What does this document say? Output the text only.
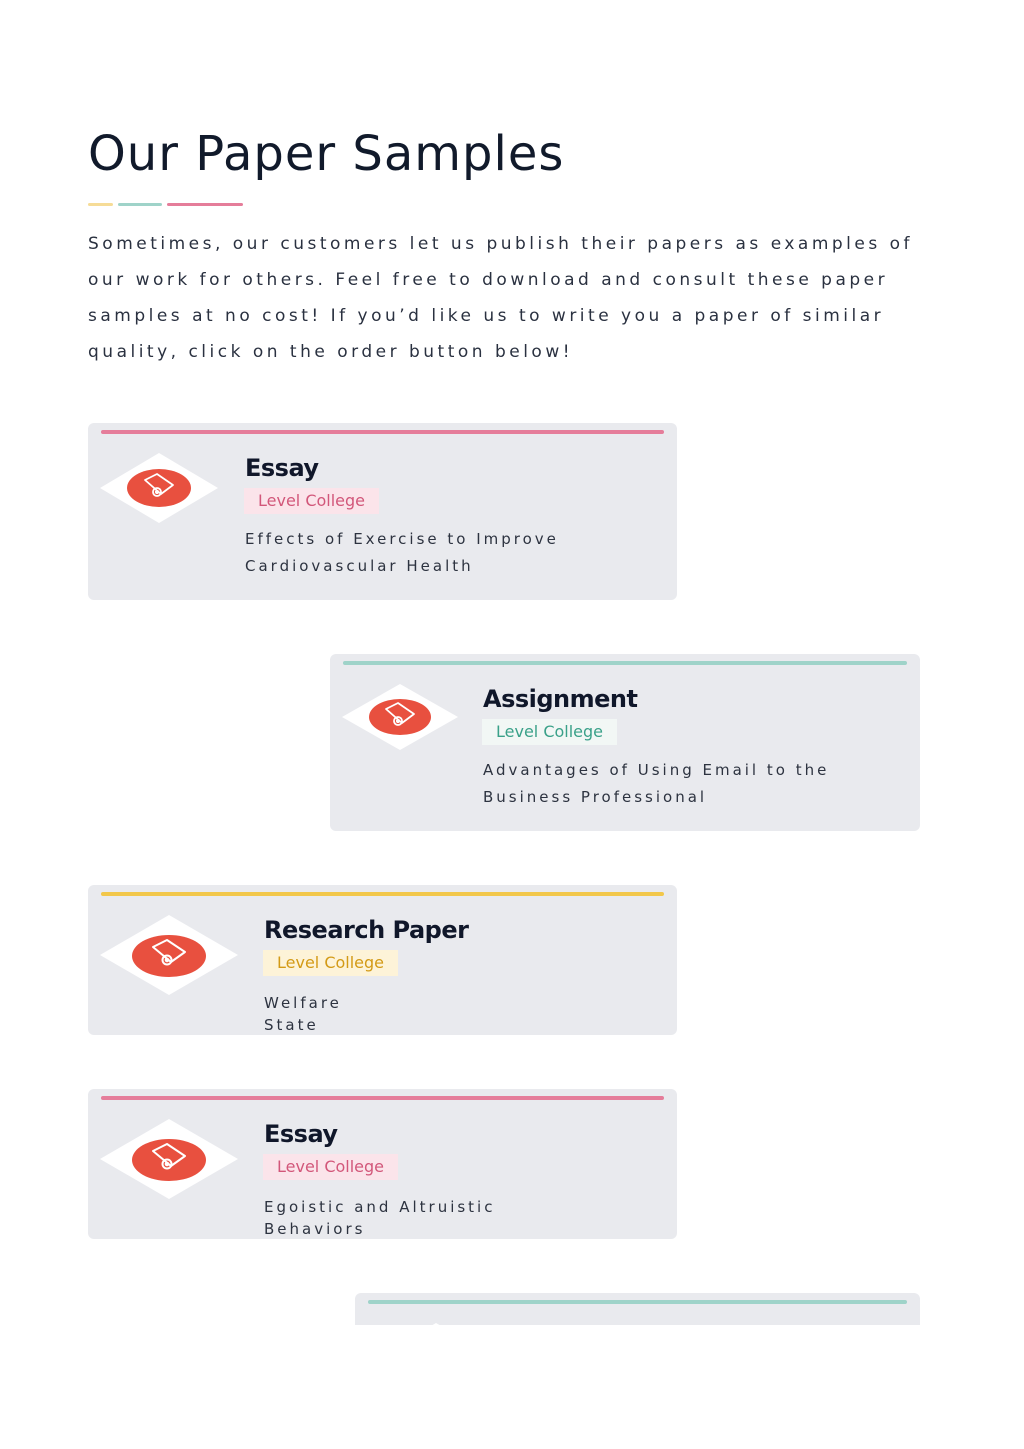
Our Paper Samples

Sometimes, our customers let us publish their papers as examples of our work for others. Feel free to download and consult these paper samples at no cost! If you’d like us to write you a paper of similar quality, click on the order button below!

Essay
Level College

Effects of Exercise to Improve
Cardiovascular Health

Assignment
Level College

Advantages of Using Email to the
Business Professional

Research Paper
Level College

Welfare
State

Essay
Level College

Egoistic and Altruistic
Behaviors
